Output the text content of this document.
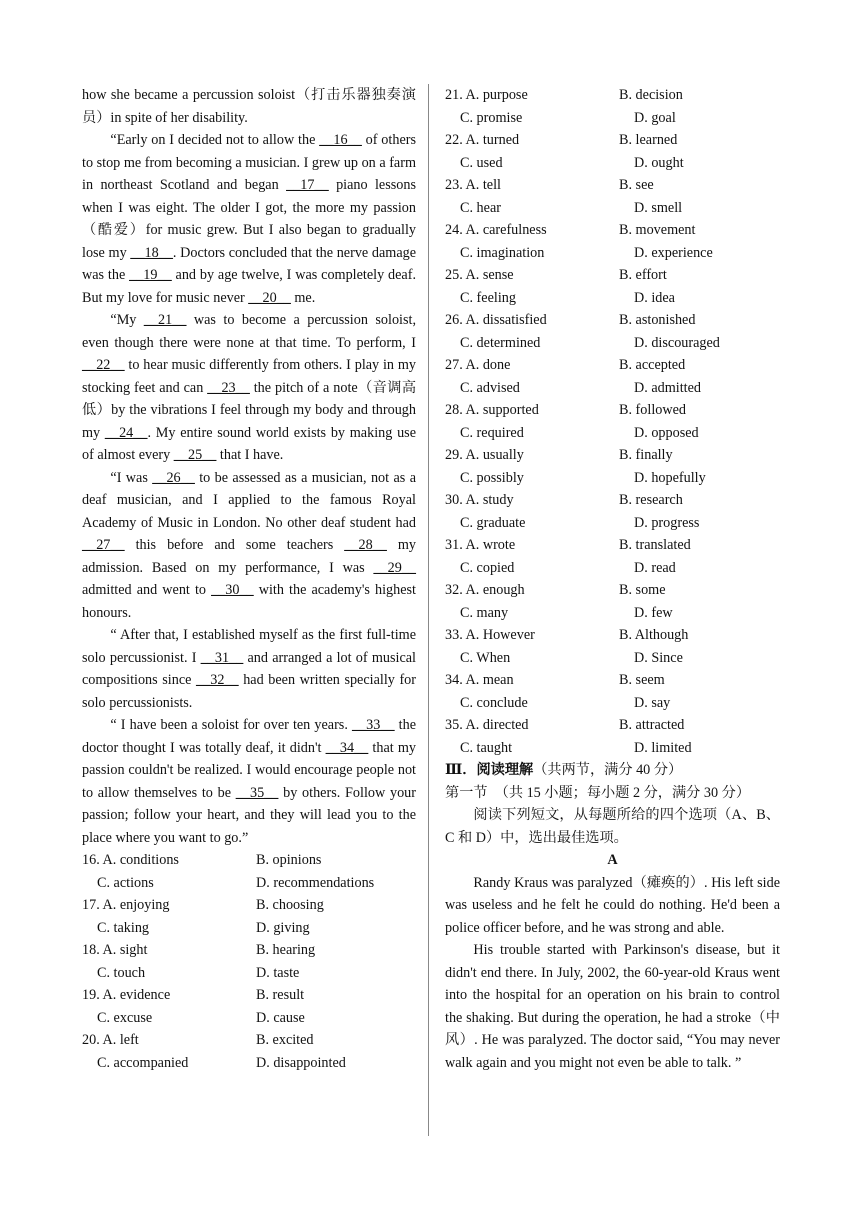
how she became a percussion soloist（打击乐器独奏演员）in spite of her disability.

“Early on I decided not to allow the __16__ of others to stop me from becoming a musician. I grew up on a farm in northeast Scotland and began __17__ piano lessons when I was eight. The older I got, the more my passion（酷爱）for music grew. But I also began to gradually lose my __18__. Doctors concluded that the nerve damage was the __19__ and by age twelve, I was completely deaf. But my love for music never __20__ me.

“My __21__ was to become a percussion soloist, even though there were none at that time. To perform, I __22__ to hear music differently from others. I play in my stocking feet and can __23__ the pitch of a note（音调高低）by the vibrations I feel through my body and through my __24__. My entire sound world exists by making use of almost every __25__ that I have.

“I was __26__ to be assessed as a musician, not as a deaf musician, and I applied to the famous Royal Academy of Music in London. No other deaf student had __27__ this before and some teachers __28__ my admission. Based on my performance, I was __29__ admitted and went to __30__ with the academy's highest honours.

“ After that, I established myself as the first full-time solo percussionist. I __31__ and arranged a lot of musical compositions since __32__ had been written specially for solo percussionists.

“ I have been a soloist for over ten years. __33__ the doctor thought I was totally deaf, it didn't __34__ that my passion couldn't be realized. I would encourage people not to allow themselves to be __35__ by others. Follow your passion; follow your heart, and they will lead you to the place where you want to go.”

16. A. conditions	B. opinions
C. actions	D. recommendations
17. A. enjoying	B. choosing
C. taking	D. giving
18. A. sight	B. hearing
C. touch	D. taste
19. A. evidence	B. result
C. excuse	D. cause
20. A. left	B. excited
C. accompanied	D. disappointed
21. A. purpose	B. decision
C. promise	D. goal
22. A. turned	B. learned
C. used	D. ought
23. A. tell	B. see
C. hear	D. smell
24. A. carefulness	B. movement
C. imagination	D. experience
25. A. sense	B. effort
C. feeling	D. idea
26. A. dissatisfied	B. astonished
C. determined	D. discouraged
27. A. done	B. accepted
C. advised	D. admitted
28. A. supported	B. followed
C. required	D. opposed
29. A. usually	B. finally
C. possibly	D. hopefully
30. A. study	B. research
C. graduate	D. progress
31. A. wrote	B. translated
C. copied	D. read
32. A. enough	B. some
C. many	D. few
33. A. However	B. Although
C. When	D. Since
34. A. mean	B. seem
C. conclude	D. say
35. A. directed	B. attracted
C. taught	D. limited
Ⅲ．阅读理解（共两节，满分 40 分）
第一节　（共 15 小题；每小题 2 分，满分 30 分）

阅读下列短文，从每题所给的四个选项（A、B、C 和 D）中，选出最佳选项。

A

Randy Kraus was paralyzed（瘫痪的）. His left side was useless and he felt he could do nothing. He'd been a police officer before, and he was strong and able.

His trouble started with Parkinson's disease, but it didn't end there. In July, 2002, the 60-year-old Kraus went into the hospital for an operation on his brain to control the shaking. But during the operation, he had a stroke（中风）. He was paralyzed. The doctor said, “You may never walk again and you might not even be able to talk. ”
